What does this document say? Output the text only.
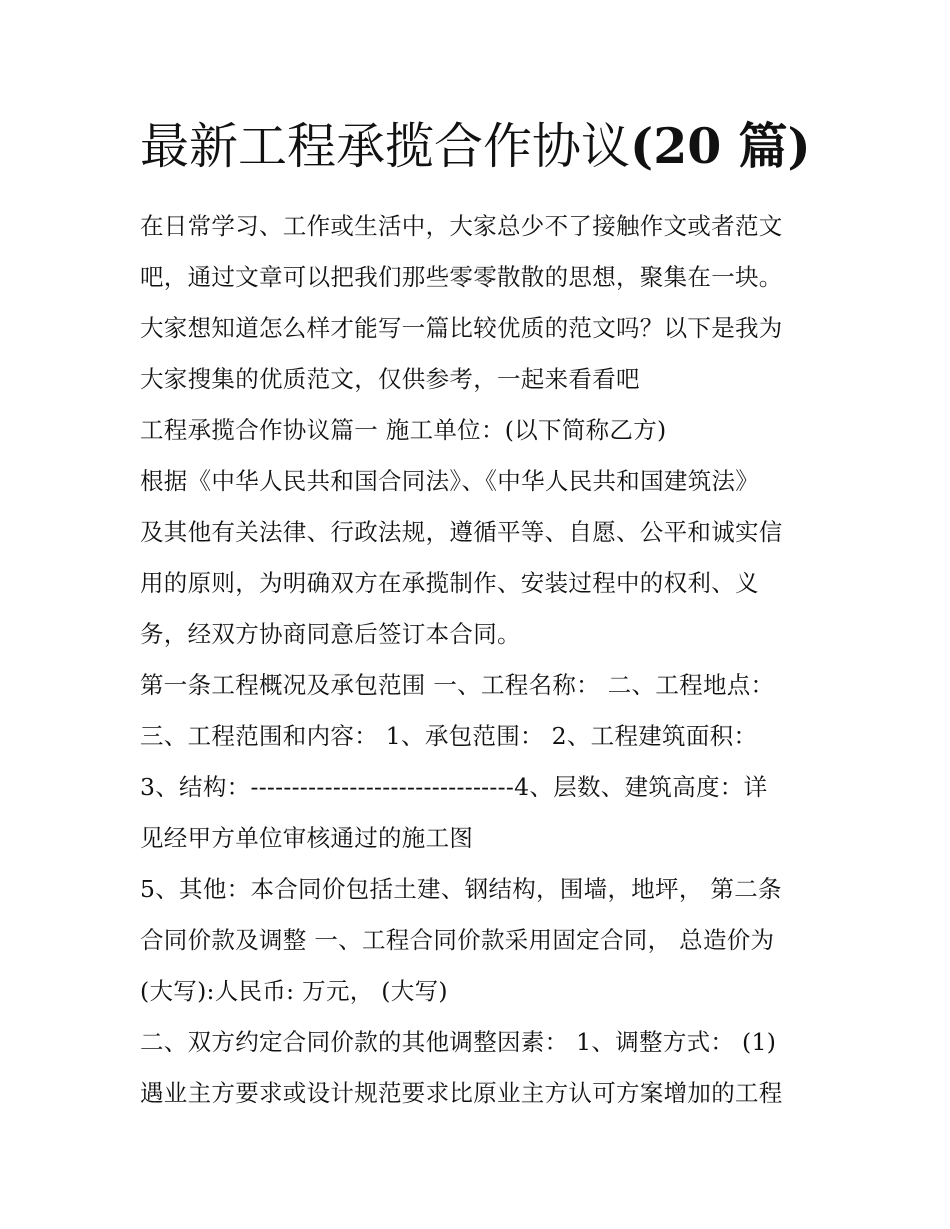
最新工程承揽合作协议(20 篇)
在日常学习、工作或生活中，大家总少不了接触作文或者范文
吧，通过文章可以把我们那些零零散散的思想，聚集在一块。
大家想知道怎么样才能写一篇比较优质的范文吗？以下是我为
大家搜集的优质范文，仅供参考，一起来看看吧
工程承揽合作协议篇一 施工单位：(以下简称乙方)
根据《中华人民共和国合同法》、《中华人民共和国建筑法》
及其他有关法律、行政法规，遵循平等、自愿、公平和诚实信
用的原则，为明确双方在承揽制作、安装过程中的权利、义
务，经双方协商同意后签订本合同。
第一条工程概况及承包范围 一、工程名称： 二、工程地点：
三、工程范围和内容： 1、承包范围： 2、工程建筑面积：
3、结构：--------------------------------4、层数、建筑高度：详
见经甲方单位审核通过的施工图
5、其他：本合同价包括土建、钢结构，围墙，地坪， 第二条
合同价款及调整 一、工程合同价款采用固定合同， 总造价为
(大写):人民币: 万元， (大写)
二、双方约定合同价款的其他调整因素： 1、调整方式： (1)
遇业主方要求或设计规范要求比原业主方认可方案增加的工程
